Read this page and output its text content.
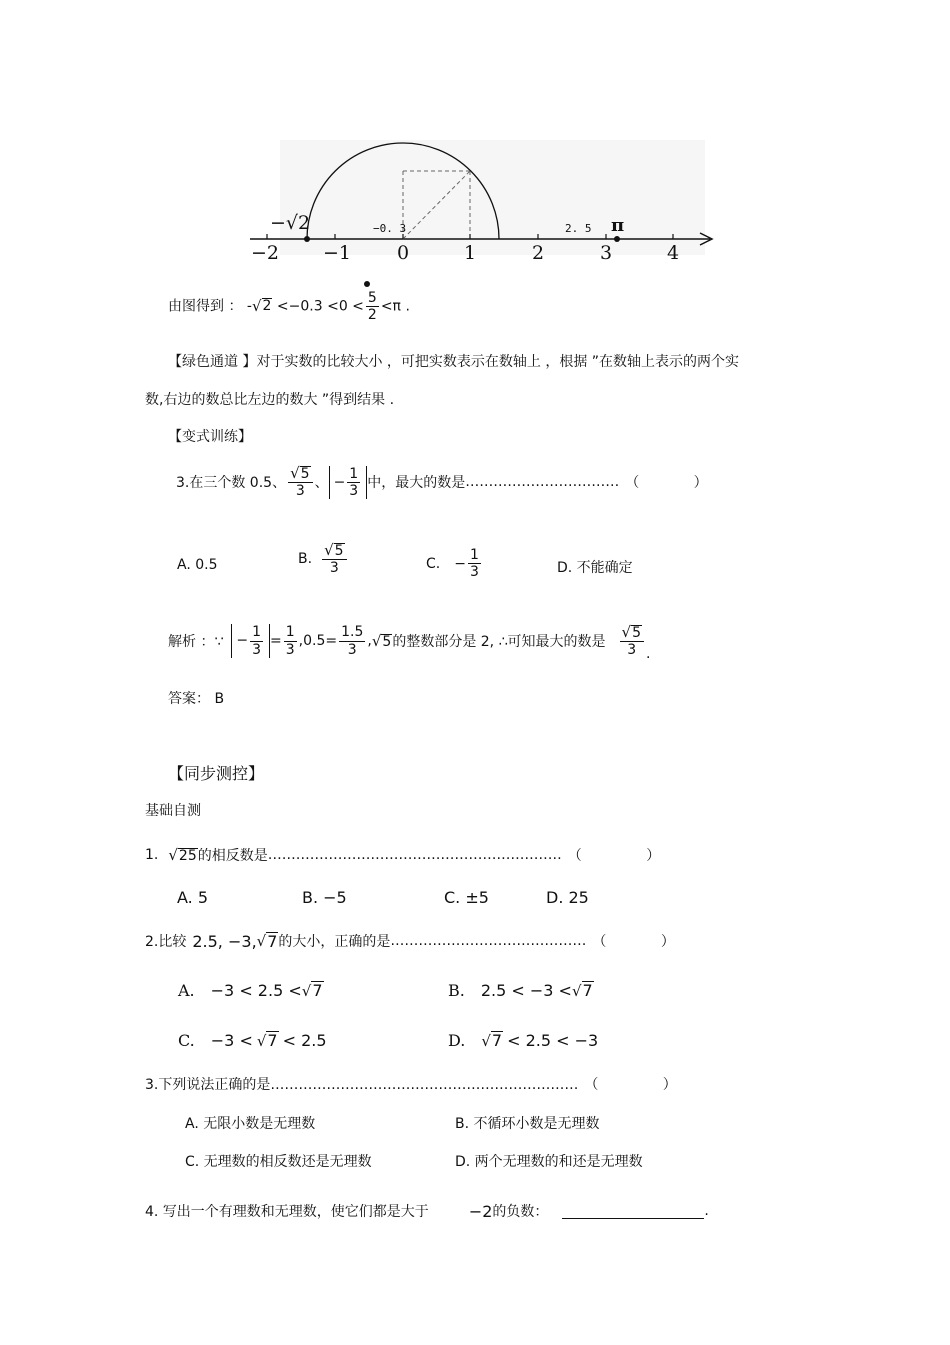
−2 −1 0	1	2	3	4
−√2	−0. 3	2. 5 π
由图得到 ： - √ $2 <-0.3 <0 < \frac{5}{2} <\pi$ .
【绿色通道 】对于实数的比较大小 ，可把实数表示在数轴上 ，根据 ”在数轴上表示的两个实
数,右边的数总比左边的数大 ”得到结果 .
【变式训练】
3.在三个数 0.5、 $\frac{√ 5}{3}$ 、 − $\frac{1}{3}$ 中，最大的数是 …………………………… （ ）
A. 0.5	B. $\frac{√ 5}{3}$	C. − $\frac{1}{3}$	D. 不能确定
解析 ：∵ − $\frac{1}{3} = \frac{1}{3} ,0.5= \frac{1.5}{3}$ , √ 5 的整数部分是 2, ∴可知最大的数是 $\frac{√ 5}{3}$ .
答案： B
【同步测控】
基础自测
1. √ 25 的相反数是 ……………………………………………………… （ ）
A. 5	B. −5	C. ±5	D. 25
2.比较 2.5, −3, √ 7 的大小，正确的是 …………………………………… （ ）
A. −3 < 2.5 < √ 7	B. 2.5 < −3 < √ 7
C. −3 < √ 7 < 2.5	D. √ 7 < 2.5 < −3
3.下列说法正确的是………………………………………………………… （ ）
A. 无限小数是无理数	B. 不循环小数是无理数
C. 无理数的相反数还是无理数	D. 两个无理数的和还是无理数
4. 写出一个有理数和无理数，使它们都是大于	−2 的负数：	.
